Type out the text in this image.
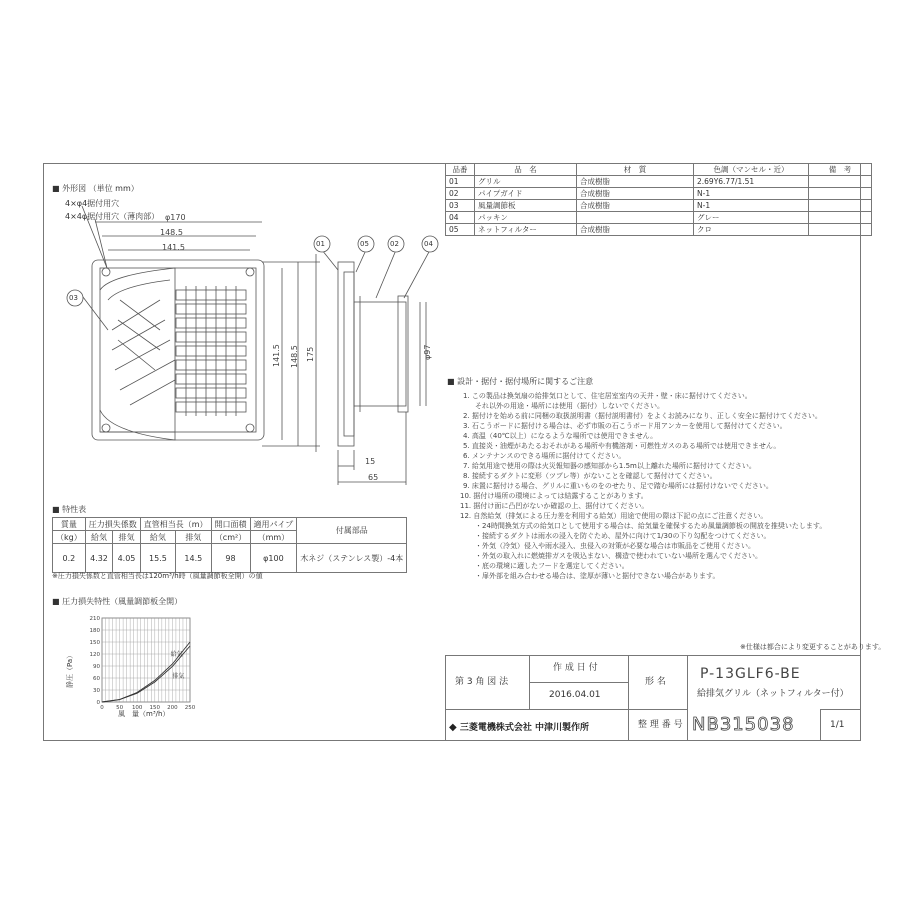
品番	品　名	材　質	色調（マンセル・近）	備　考
01	グリル	合成樹脂	2.69Y6.77/1.51	
02	パイプガイド	合成樹脂	N-1	
03	風量調節板	合成樹脂	N-1	
04	パッキン		グレー	
05	ネットフィルター	合成樹脂	クロ	
■ 外形図 （単位 mm）
4×φ4据付用穴
4×4φ据付用穴（薄肉部） φ170
148.5
141.5
141.5 148.5 175	φ97
15
65
01	05	02	04
03
■ 設計・据付・据付場所に関するご注意
1. この製品は換気扇の給排気口として、住宅居室室内の天井・壁・床に据付けてください。
それ以外の用途・場所には使用（据付）しないでください。
2. 据付けを始める前に同梱の取扱説明書（据付説明書付）をよくお読みになり、正しく安全に据付けてください。
3. 石こうボードに据付ける場合は、必ず市販の石こうボード用アンカーを使用して据付けてください。
4. 高温（40℃以上）になるような場所では使用できません。
5. 直接炎・油煙があたるおそれがある場所や有機溶剤・可燃性ガスのある場所では使用できません。
6. メンテナンスのできる場所に据付けてください。
7. 給気用途で使用の際は火災報知器の感知部から1.5m以上離れた場所に据付けてください。
8. 接続するダクトに変形（ツブレ等）がないことを確認して据付けてください。
9. 床置に据付ける場合、グリルに重いものをのせたり、足で踏む場所には据付けないでください。
10. 据付け場所の環境によっては結露することがあります。
11. 据付け面に凸凹がないか確認の上、据付けてください。
12. 自然給気（排気による圧力差を利用する給気）用途で使用の際は下記の点にご注意ください。
・24時間換気方式の給気口として使用する場合は、給気量を確保するため風量調節板の開放を推奨いたします。
・接続するダクトは雨水の浸入を防ぐため、屋外に向けて1/30の下り勾配をつけてください。
・外気（冷気）侵入や雨水浸入、虫侵入の対策が必要な場合は市販品をご使用ください。
・外気の取入れに燃焼排ガスを吸込まない、構造で使われていない場所を選んでください。
・底の環境に適したフードを選定してください。
・扉外部を組み合わせる場合は、塗厚が薄いと据付できない場合があります。
■ 特性表
質量	圧力損失係数		直管相当長（m）		開口面積	適用パイプ	付属部品
（kg）	給気	排気	給気	排気	（cm²）	（mm）	
0.2	4.32	4.05	15.5	14.5	98	φ100	木ネジ（ステンレス製）‐4本
※圧力損失係数と直管相当長は120m³/h時（風量調節板全開）の値
■ 圧力損失特性（風量調節板全開）
静圧（Pa）
風　量（m³/h）
210
180
150
120
90
60
30
0
0 50 100 150 200 250
給気
排気
※仕様は都合により変更することがあります。
第 3 角 図 法
作 成 日 付
2016.04.01
形 名 P-13GLF6-BE
給排気グリル（ネットフィルター付）
◆ 三菱電機株式会社 中津川製作所	整 理 番 号 NB315038	1/1
